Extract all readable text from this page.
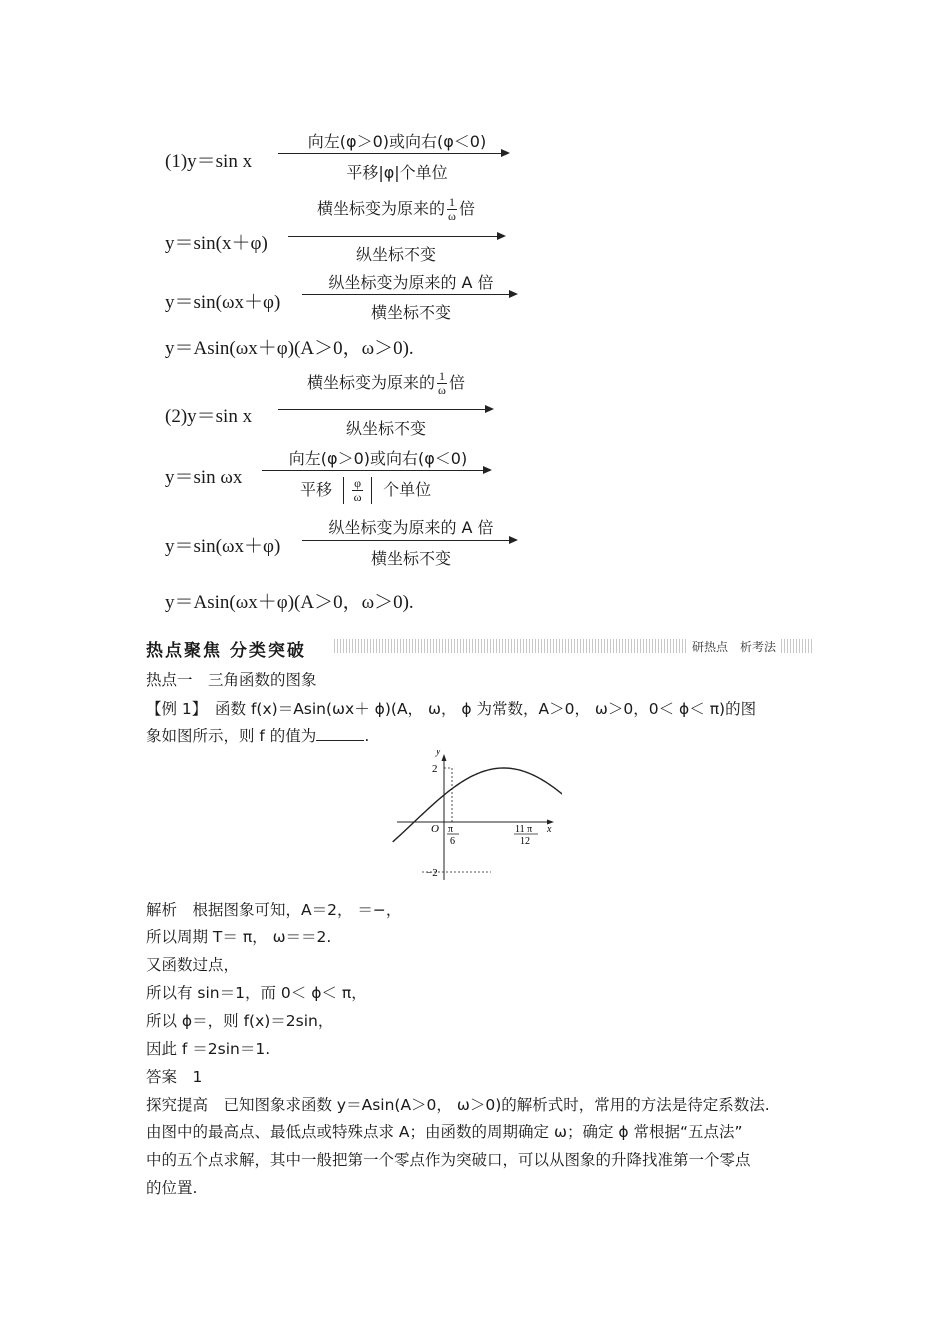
(1)y＝sin x
向左(φ＞0)或向右(φ＜0)
平移|φ|个单位
y＝sin(x＋φ)
横坐标变为原来的 $\frac{1}{\omega}$ 倍
纵坐标不变
y＝sin(ωx＋φ)
纵坐标变为原来的 A 倍
横坐标不变
y＝Asin(ωx＋φ)(A＞0，ω＞0).
(2)y＝sin x
横坐标变为原来的 $\frac{1}{\omega}$ 倍
纵坐标不变
y＝sin ωx
向左(φ＞0)或向右(φ＜0)
平移 $\frac{\varphi}{\omega}$ 个单位
y＝sin(ωx＋φ)
纵坐标变为原来的 A 倍
横坐标不变
y＝Asin(ωx＋φ)(A＞0，ω＞0).
热点聚焦 分类突破	研热点　析考法
热点一　三角函数的图象
【例 1】　函数 f(x)＝Asin(ωx＋ ϕ)(A， ω， ϕ 为常数，A＞0， ω＞0，0＜ ϕ＜ π)的图
象如图所示，则 f 的值为	.
y
x
2
−2
O π
6
11 π
12
解析　根据图象可知，A＝2， ＝−，
所以周期 T＝ π， ω＝＝2.
又函数过点，
所以有 sin＝1，而 0＜ ϕ＜ π，
所以 ϕ＝，则 f(x)＝2sin，
因此 f ＝2sin＝1.
答案　1
探究提高　已知图象求函数 y＝Asin(A＞0， ω＞0)的解析式时，常用的方法是待定系数法.
由图中的最高点、最低点或特殊点求 A；由函数的周期确定 ω；确定 ϕ 常根据“五点法”
中的五个点求解，其中一般把第一个零点作为突破口，可以从图象的升降找准第一个零点
的位置.
